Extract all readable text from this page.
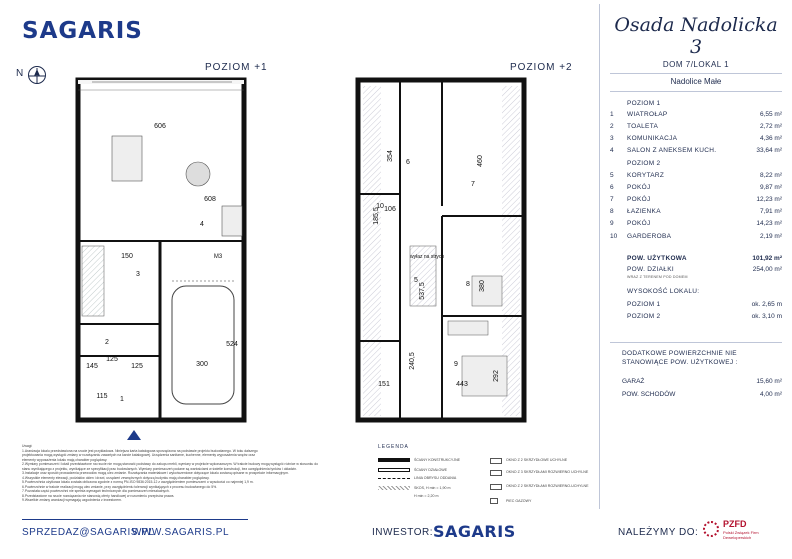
SAGARIS
N
POZIOM +1	POZIOM +2
606
608
125
145	125
115
300
524
150
1
2
3
4
M3	wyłaz na strych
354	460
185,5
537,5	380
240,5
151	443
292
106
5
6
7
8
9
10
Uwagi:
1.Aranżacja lokalu przedstawiona na rzucie jest przykładowa. Niniejsza karta katalogowa sporządzona na podstawie projektu budowlanego. W toku dalszego
projektowania mogą wystąpić zmiany w rozwiązaniu zawartych na karcie katalogowej. Urządzenia sanitarne, kuchenne, elementy wyposażenia wnętrz oraz
elementy wyposażenia lokalu mają charakter poglądowy.
2.Wymiary pomieszczeń i lokali przedstawione na rzucie nie mogą stanowić podstawy do zakupu mebli, wymiary w projekcie wykonawczym. W trakcie budowy mogą wystąpić różnice w stosunku do
stanu wynikającego z projektu, wynikające ze specyfikacji prac budowlanych. Wymiary pomieszczeń podane są wartościami w świetle konstrukcji, bez uwzględnienia tynków i okładzin.
3.Instalacje oraz sposób prowadzenia przewodów mogą ulec zmianie. Rozwiązania materiałowe i wykończeniowe dotyczące lokalu zostaną opisane w prospekcie informacyjnym.
4.Wszystkie elementy elewacji, podziałów okien i drzwi, urządzeń zewnętrznych dotyczą budynku mają charakter poglądowy.
5.Powierzchnia użytkowa lokalu została obliczona zgodnie z normą PN-ISO 9836:2015-12 z uwzględnieniem pomieszczeń o wysokości co najmniej 1,9 m.
6.Powierzchnie w trakcie realizacji mogą ulec zmianie, przy uwzględnieniu tolerancji wynikających z procesu budowlanego do 5%.
7.Pozostała część powierzchni nie spełnia wymagań technicznych dla pomieszczeń mieszkalnych.
8.Przedstawione na rzucie rozwiązania nie stanowią oferty handlowej w rozumieniu przepisów prawa.
9.Wszelkie zmiany aranżacji wymagają uzgodnienia z inwestorem.
LEGENDA
ŚCIANY KONSTRUKCYJNE
ŚCIANY DZIAŁOWE
LINIA OBRYSU ODDANIA
SKOS, H min = 1,90 m
H min = 2,20 m
OKNO Z 2 SKRZYDŁOWE UCHYLNE
OKNO Z 3 SKRZYDŁAMI ROZWIERNO UCHYLNE
OKNO Z 2 SKRZYDŁAMI ROZWIERNO-UCHYLNE
PIEC GAZOWY
Osada Nadolicka 3
DOM 7/LOKAL 1
Nadolice Małe
POZIOM 1
1 WIATROŁAP	6,55 m²
2 TOALETA	2,72 m²
3 KOMUNIKACJA	4,36 m²
4 SALON Z ANEKSEM KUCH.	33,64 m²
POZIOM 2
5 KORYTARZ	8,22 m²
6 POKÓJ	9,87 m²
7 POKÓJ	12,23 m²
8 ŁAZIENKA	7,91 m²
9 POKÓJ	14,23 m²
10 GARDEROBA	2,19 m²
POW. UŻYTKOWA	101,92 m²
POW. DZIAŁKI	254,00 m²
WRAZ Z TERENEM POD DOMEM
WYSOKOŚĆ LOKALU:
POZIOM 1	ok. 2,65 m
POZIOM 2	ok. 3,10 m
DODATKOWE POWIERZCHNIE NIE STANOWIĄCE POW. UŻYTKOWEJ :
GARAŻ	15,60 m²
POW. SCHODÓW	4,00 m²
SPRZEDAZ@SAGARIS.PL
WWW.SAGARIS.PL	INWESTOR: SAGARIS	NALEŻYMY DO:
PZFD
Polski Związek Firm Deweloperskich
